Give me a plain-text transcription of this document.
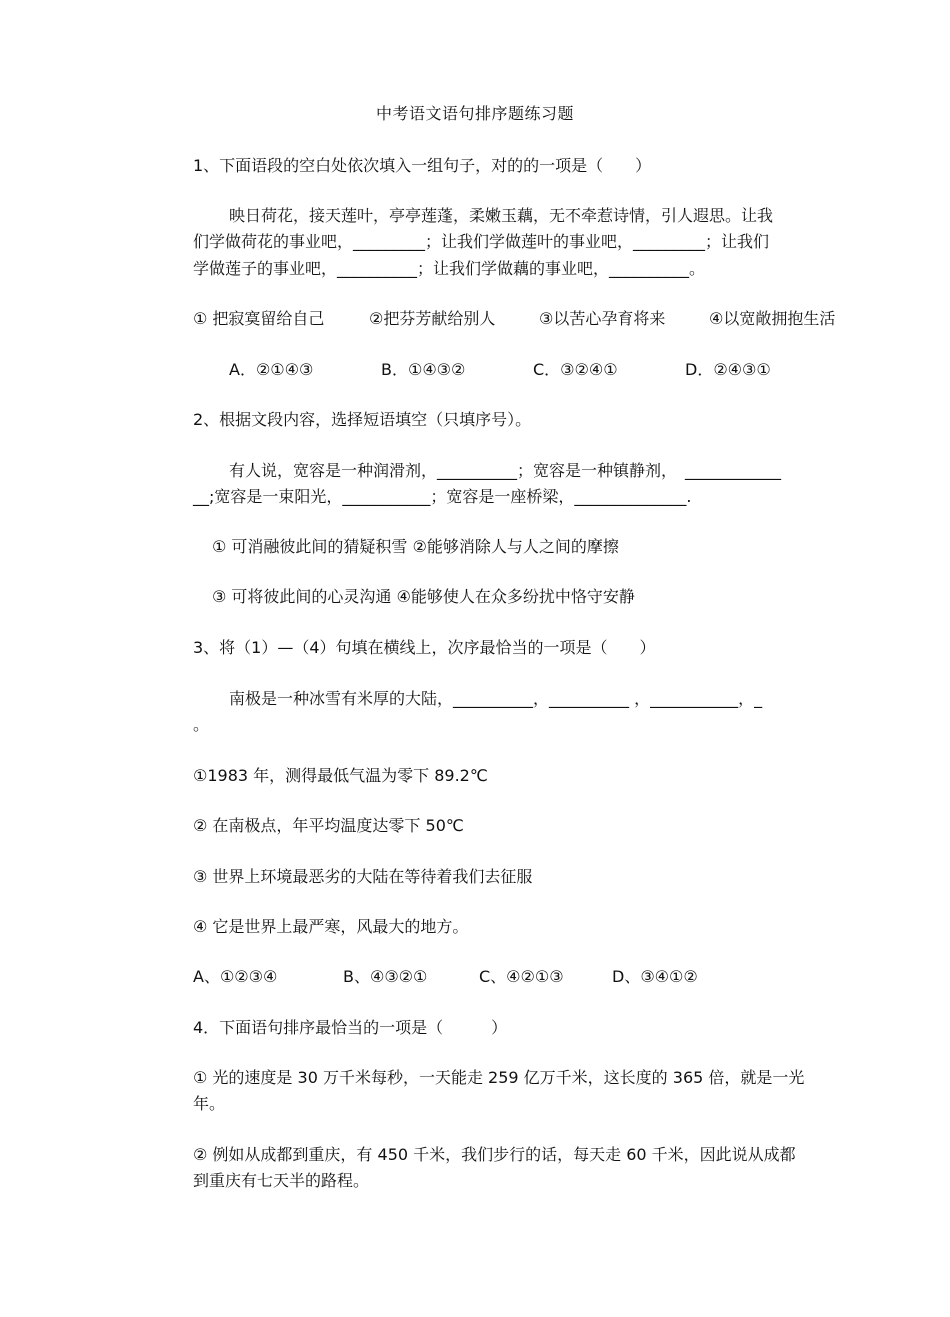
中考语文语句排序题练习题
1、下面语段的空白处依次填入一组句子，对的的一项是（　　）
映日荷花，接天莲叶，亭亭莲蓬，柔嫩玉藕，无不牵惹诗情，引人遐思。让我
们学做荷花的事业吧，_________；让我们学做莲叶的事业吧，_________；让我们
学做莲子的事业吧，__________；让我们学做藕的事业吧，__________。
① 把寂寞留给自己	②把芬芳献给别人	③以苦心孕育将来	④以宽敞拥抱生活
A．②①④③	B．①④③②	C．③②④①	D．②④③①
2、根据文段内容，选择短语填空（只填序号）。
有人说，宽容是一种润滑剂，__________；宽容是一种镇静剂，　____________
__;宽容是一束阳光，___________；宽容是一座桥梁，______________.
① 可消融彼此间的猜疑积雪 ②能够消除人与人之间的摩擦
③ 可将彼此间的心灵沟通 ④能够使人在众多纷扰中恪守安静
3、将（1）—（4）句填在横线上，次序最恰当的一项是（　　）
南极是一种冰雪有米厚的大陆，__________，__________ ，___________，_
。
①1983 年，测得最低气温为零下 89.2℃
② 在南极点，年平均温度达零下 50℃
③ 世界上环境最恶劣的大陆在等待着我们去征服
④ 它是世界上最严寒，风最大的地方。
A、①②③④	B、④③②①	C、④②①③	D、③④①②
4．下面语句排序最恰当的一项是（　　　）
① 光的速度是 30 万千米每秒，一天能走 259 亿万千米，这长度的 365 倍，就是一光
年。
② 例如从成都到重庆，有 450 千米，我们步行的话，每天走 60 千米，因此说从成都
到重庆有七天半的路程。
